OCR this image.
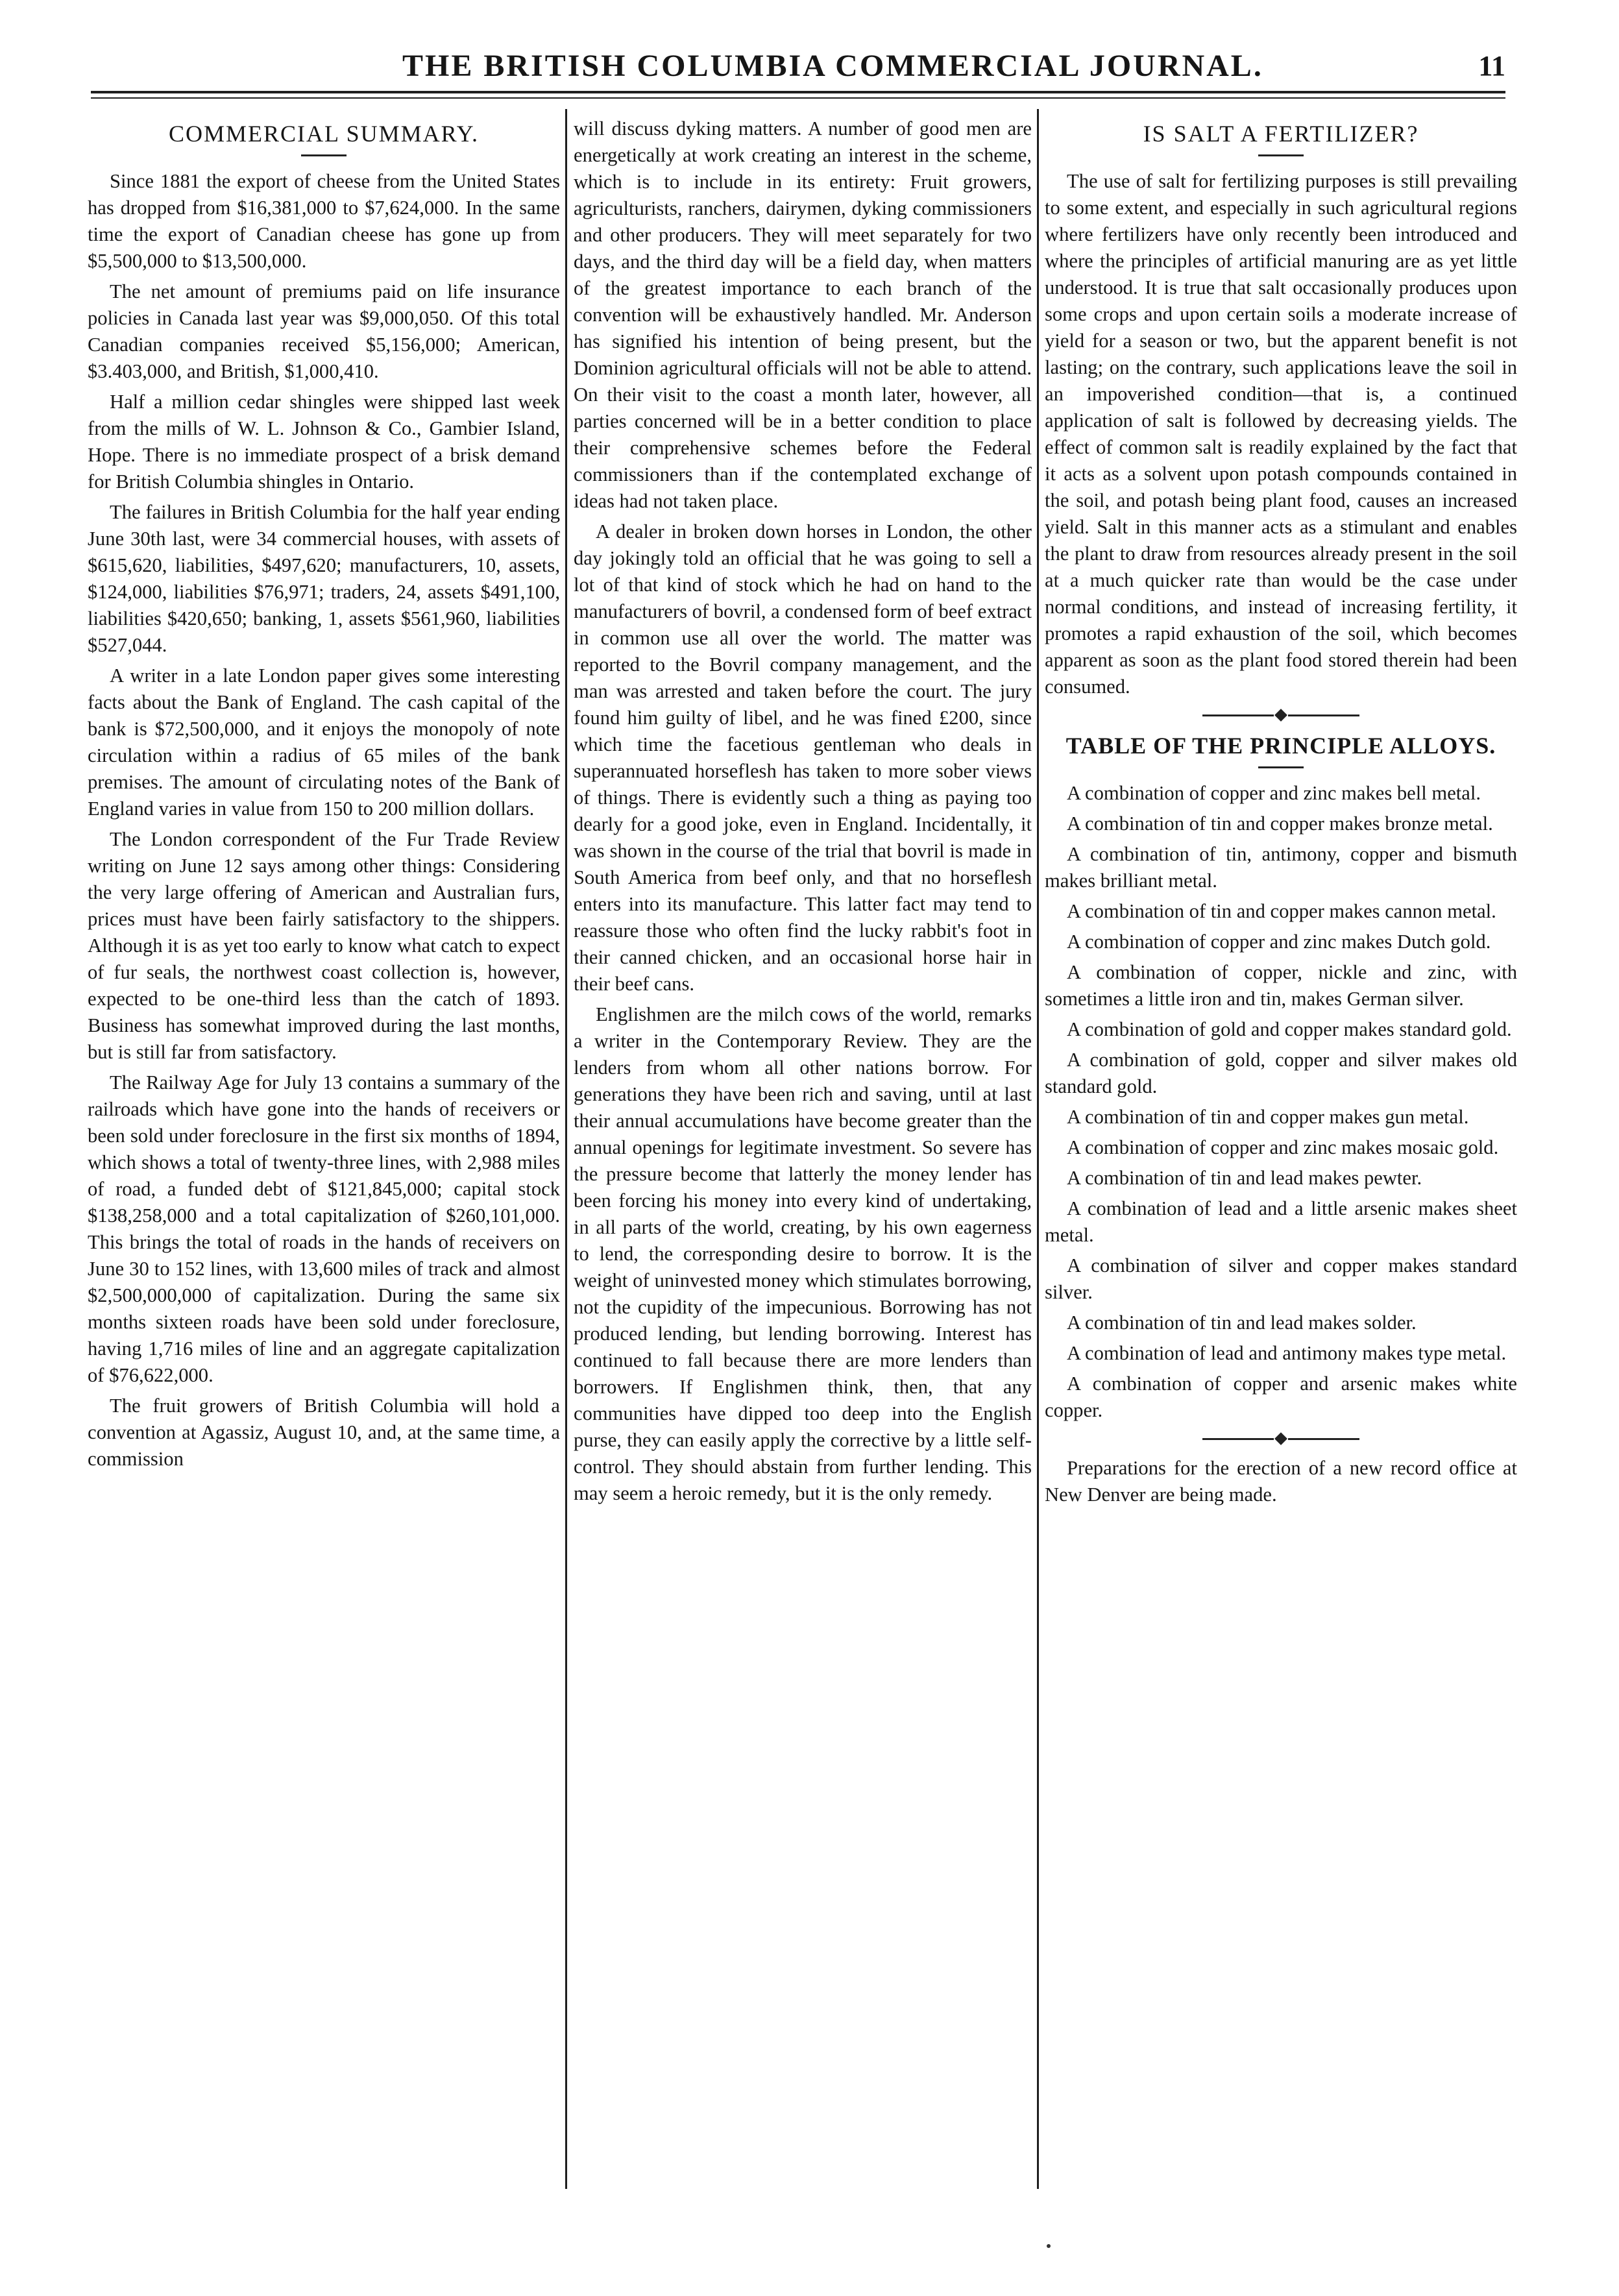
THE BRITISH COLUMBIA COMMERCIAL JOURNAL.	11
COMMERCIAL SUMMARY.

Since 1881 the export of cheese from the United States has dropped from $16,381,000 to $7,624,000. In the same time the export of Canadian cheese has gone up from $5,500,000 to $13,500,000.

The net amount of premiums paid on life insurance policies in Canada last year was $9,000,050. Of this total Canadian companies received $5,156,000; American, $3.403,000, and British, $1,000,410.

Half a million cedar shingles were shipped last week from the mills of W. L. Johnson & Co., Gambier Island, Hope. There is no immediate prospect of a brisk demand for British Columbia shingles in Ontario.

The failures in British Columbia for the half year ending June 30th last, were 34 commercial houses, with assets of $615,620, liabilities, $497,620; manufacturers, 10, assets, $124,000, liabilities $76,971; traders, 24, assets $491,100, liabilities $420,650; banking, 1, assets $561,960, liabilities $527,044.

A writer in a late London paper gives some interesting facts about the Bank of England. The cash capital of the bank is $72,500,000, and it enjoys the monopoly of note circulation within a radius of 65 miles of the bank premises. The amount of circulating notes of the Bank of England varies in value from 150 to 200 million dollars.

The London correspondent of the Fur Trade Review writing on June 12 says among other things: Considering the very large offering of American and Australian furs, prices must have been fairly satisfactory to the shippers. Although it is as yet too early to know what catch to expect of fur seals, the northwest coast collection is, however, expected to be one-third less than the catch of 1893. Business has somewhat improved during the last months, but is still far from satisfactory.

The Railway Age for July 13 contains a summary of the railroads which have gone into the hands of receivers or been sold under foreclosure in the first six months of 1894, which shows a total of twenty-three lines, with 2,988 miles of road, a funded debt of $121,845,000; capital stock $138,258,000 and a total capitalization of $260,101,000. This brings the total of roads in the hands of receivers on June 30 to 152 lines, with 13,600 miles of track and almost $2,500,000,000 of capitalization. During the same six months sixteen roads have been sold under foreclosure, having 1,716 miles of line and an aggregate capitalization of $76,622,000.

The fruit growers of British Columbia will hold a convention at Agassiz, August 10, and, at the same time, a commission

will discuss dyking matters. A number of good men are energetically at work creating an interest in the scheme, which is to include in its entirety: Fruit growers, agriculturists, ranchers, dairymen, dyking commissioners and other producers. They will meet separately for two days, and the third day will be a field day, when matters of the greatest importance to each branch of the convention will be exhaustively handled. Mr. Anderson has signified his intention of being present, but the Dominion agricultural officials will not be able to attend. On their visit to the coast a month later, however, all parties concerned will be in a better condition to place their comprehensive schemes before the Federal commissioners than if the contemplated exchange of ideas had not taken place.

A dealer in broken down horses in London, the other day jokingly told an official that he was going to sell a lot of that kind of stock which he had on hand to the manufacturers of bovril, a condensed form of beef extract in common use all over the world. The matter was reported to the Bovril company management, and the man was arrested and taken before the court. The jury found him guilty of libel, and he was fined £200, since which time the facetious gentleman who deals in superannuated horseflesh has taken to more sober views of things. There is evidently such a thing as paying too dearly for a good joke, even in England. Incidentally, it was shown in the course of the trial that bovril is made in South America from beef only, and that no horseflesh enters into its manufacture. This latter fact may tend to reassure those who often find the lucky rabbit's foot in their canned chicken, and an occasional horse hair in their beef cans.

Englishmen are the milch cows of the world, remarks a writer in the Contemporary Review. They are the lenders from whom all other nations borrow. For generations they have been rich and saving, until at last their annual accumulations have become greater than the annual openings for legitimate investment. So severe has the pressure become that latterly the money lender has been forcing his money into every kind of undertaking, in all parts of the world, creating, by his own eagerness to lend, the corresponding desire to borrow. It is the weight of uninvested money which stimulates borrowing, not the cupidity of the impecunious. Borrowing has not produced lending, but lending borrowing. Interest has continued to fall because there are more lenders than borrowers. If Englishmen think, then, that any communities have dipped too deep into the English purse, they can easily apply the corrective by a little self-control. They should abstain from further lending. This may seem a heroic remedy, but it is the only remedy.

IS SALT A FERTILIZER?

The use of salt for fertilizing purposes is still prevailing to some extent, and especially in such agricultural regions where fertilizers have only recently been introduced and where the principles of artificial manuring are as yet little understood. It is true that salt occasionally produces upon some crops and upon certain soils a moderate increase of yield for a season or two, but the apparent benefit is not lasting; on the contrary, such applications leave the soil in an impoverished condition—that is, a continued application of salt is followed by decreasing yields. The effect of common salt is readily explained by the fact that it acts as a solvent upon potash compounds contained in the soil, and potash being plant food, causes an increased yield. Salt in this manner acts as a stimulant and enables the plant to draw from resources already present in the soil at a much quicker rate than would be the case under normal conditions, and instead of increasing fertility, it promotes a rapid exhaustion of the soil, which becomes apparent as soon as the plant food stored therein had been consumed.

TABLE OF THE PRINCIPLE ALLOYS.

A combination of copper and zinc makes bell metal.

A combination of tin and copper makes bronze metal.

A combination of tin, antimony, copper and bismuth makes brilliant metal.

A combination of tin and copper makes cannon metal.

A combination of copper and zinc makes Dutch gold.

A combination of copper, nickle and zinc, with sometimes a little iron and tin, makes German silver.

A combination of gold and copper makes standard gold.

A combination of gold, copper and silver makes old standard gold.

A combination of tin and copper makes gun metal.

A combination of copper and zinc makes mosaic gold.

A combination of tin and lead makes pewter.

A combination of lead and a little arsenic makes sheet metal.

A combination of silver and copper makes standard silver.

A combination of tin and lead makes solder.

A combination of lead and antimony makes type metal.

A combination of copper and arsenic makes white copper.

Preparations for the erection of a new record office at New Denver are being made.
